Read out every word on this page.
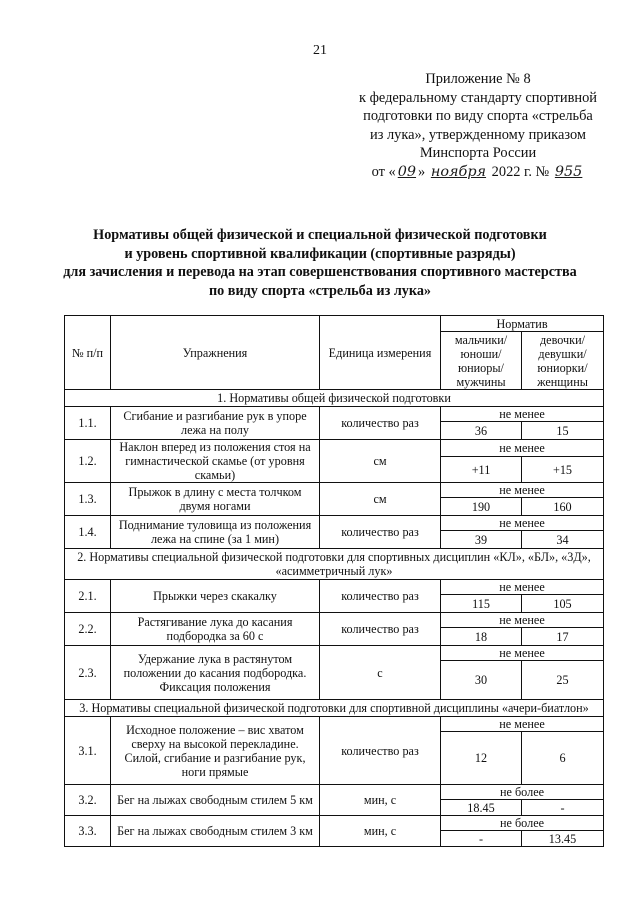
21
Приложение № 8
к федеральному стандарту спортивной
подготовки по виду спорта «стрельба
из лука», утвержденному приказом
Минспорта России
от « 09 » ноября 2022 г. № 955
Нормативы общей физической и специальной физической подготовки
и уровень спортивной квалификации (спортивные разряды)
для зачисления и перевода на этап совершенствования спортивного мастерства
по виду спорта «стрельба из лука»
№ п/п	Упражнения	Единица измерения	Норматив	
			мальчики/ юноши/ юниоры/ мужчины	девочки/ девушки/ юниорки/ женщины
1. Нормативы общей физической подготовки				
1.1.	Сгибание и разгибание рук в упоре лежа на полу	количество раз	не менее	
			36	15
1.2.	Наклон вперед из положения стоя на гимнастической скамье (от уровня скамьи)	см	не менее	
			+11	+15
1.3.	Прыжок в длину с места толчком двумя ногами	см	не менее	
			190	160
1.4.	Поднимание туловища из положения лежа на спине (за 1 мин)	количество раз	не менее	
			39	34
2. Нормативы специальной физической подготовки для спортивных дисциплин «КЛ», «БЛ», «3Д», «асимметричный лук»				
2.1.	Прыжки через скакалку	количество раз	не менее	
			115	105
2.2.	Растягивание лука до касания подбородка за 60 с	количество раз	не менее	
			18	17
2.3.	Удержание лука в растянутом положении до касания подбородка. Фиксация положения	с	не менее	
			30	25
3. Нормативы специальной физической подготовки для спортивной дисциплины «ачери-биатлон»				
3.1.	Исходное положение – вис хватом сверху на высокой перекладине. Силой, сгибание и разгибание рук, ноги прямые	количество раз	не менее	
			12	6
3.2.	Бег на лыжах свободным стилем 5 км	мин, с	не более	
			18.45	-
3.3.	Бег на лыжах свободным стилем 3 км	мин, с	не более	
			-	13.45
